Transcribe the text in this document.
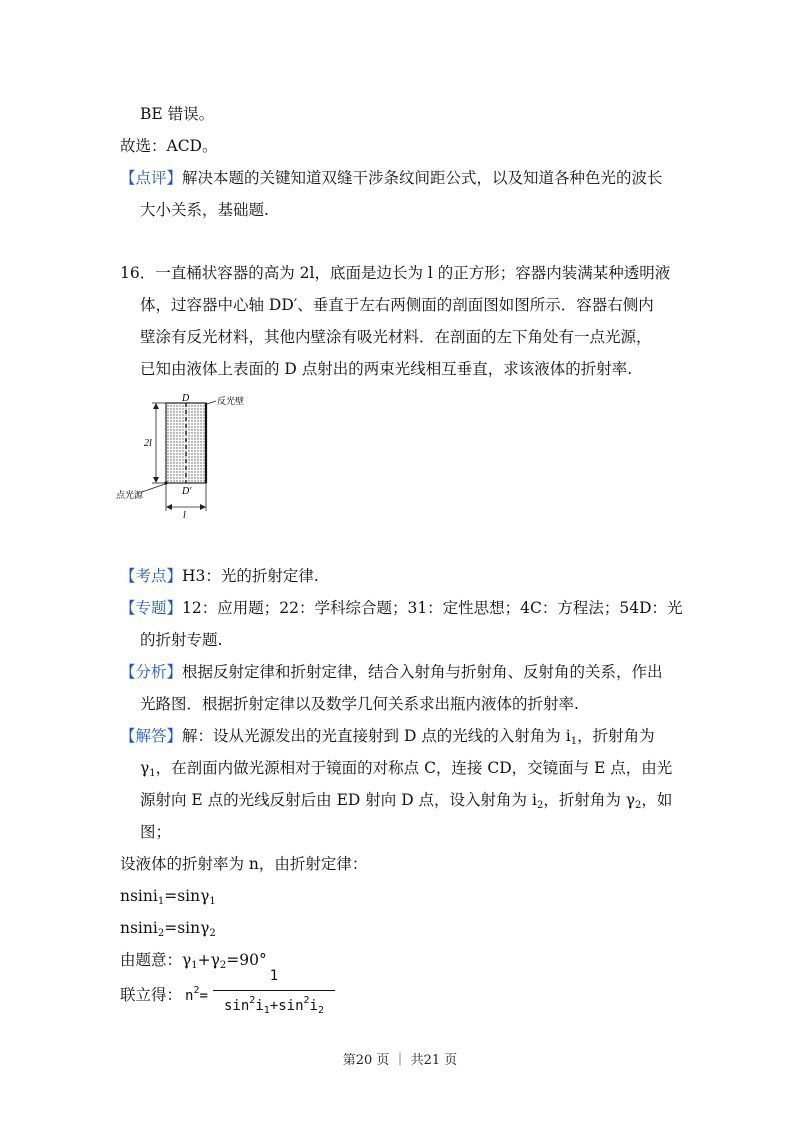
BE 错误。
故选：ACD。
【点评】解决本题的关键知道双缝干涉条纹间距公式，以及知道各种色光的波长
大小关系，基础题.
16．一直桶状容器的高为 2l，底面是边长为 l 的正方形；容器内装满某种透明液
体，过容器中心轴 DD′、垂直于左右两侧面的剖面图如图所示．容器右侧内
壁涂有反光材料，其他内壁涂有吸光材料．在剖面的左下角处有一点光源，
已知由液体上表面的 D 点射出的两束光线相互垂直，求该液体的折射率.
D
D′
反光壁
2l
l
点光源
【考点】H3：光的折射定律.
【专题】12：应用题；22：学科综合题；31：定性思想；4C：方程法；54D：光
的折射专题.
【分析】根据反射定律和折射定律，结合入射角与折射角、反射角的关系，作出
光路图．根据折射定律以及数学几何关系求出瓶内液体的折射率.
【解答】解：设从光源发出的光直接射到 D 点的光线的入射角为 $i_1$，折射角为
$\gamma_1$，在剖面内做光源相对于镜面的对称点 C，连接 CD，交镜面与 E 点，由光
源射向 E 点的光线反射后由 ED 射向 D 点，设入射角为 $i_2$，折射角为 $\gamma_2$，如
图；
设液体的折射率为 n，由折射定律：
nsini$_1$=sinγ$_1$
nsini$_2$=sinγ$_2$
由题意：$\gamma_1+\gamma_2=90^\circ$
联立得： $n^2=$
1
$\sin^2i_1+\sin^2i_2$
第20 页 ｜ 共21 页
